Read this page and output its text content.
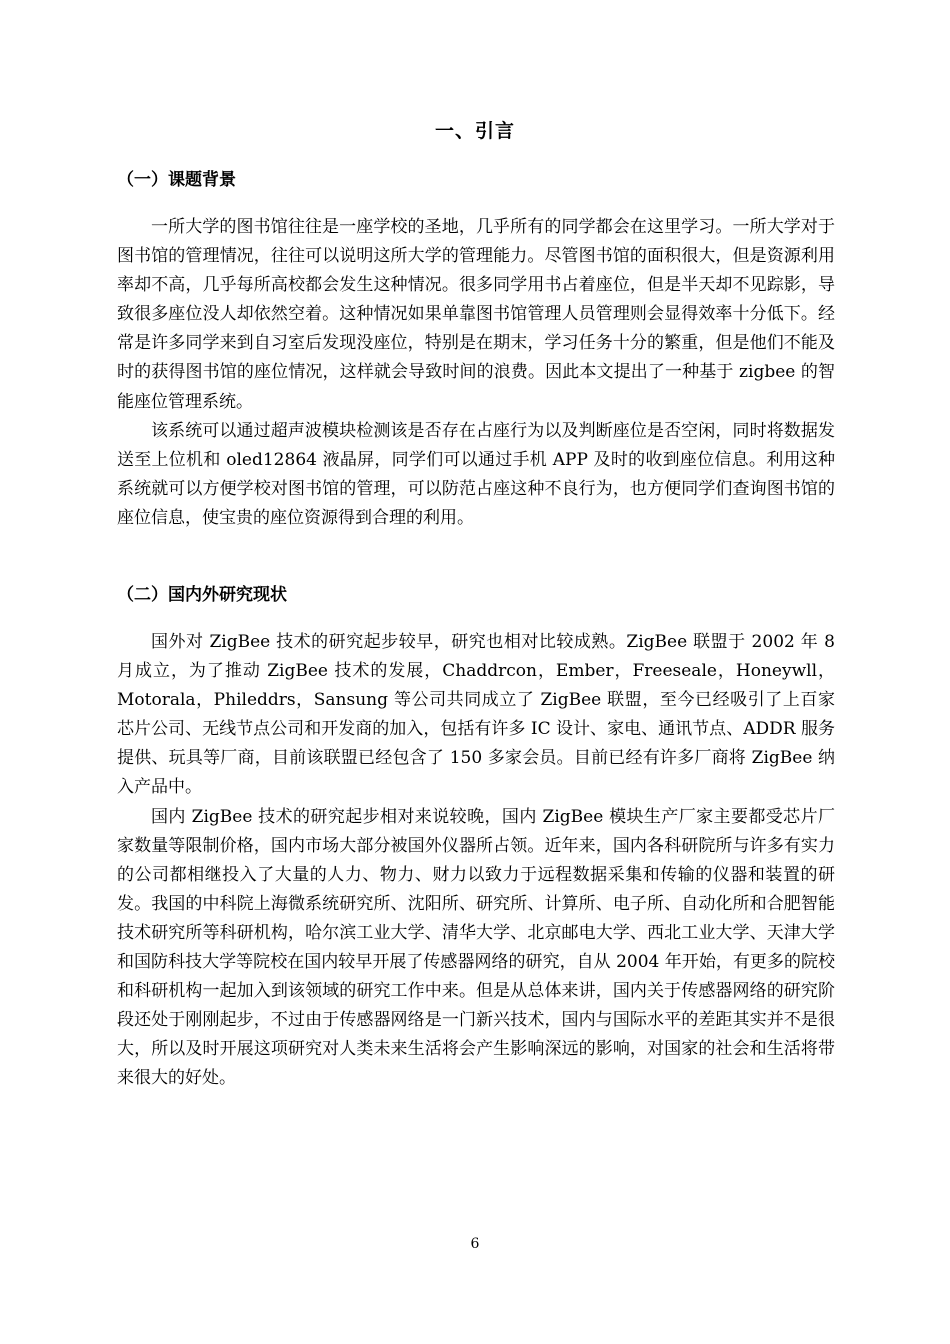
一、引言
（一）课题背景

一所大学的图书馆往往是一座学校的圣地，几乎所有的同学都会在这里学习。一所大学对于图书馆的管理情况，往往可以说明这所大学的管理能力。尽管图书馆的面积很大，但是资源利用率却不高，几乎每所高校都会发生这种情况。很多同学用书占着座位，但是半天却不见踪影，导致很多座位没人却依然空着。这种情况如果单靠图书馆管理人员管理则会显得效率十分低下。经常是许多同学来到自习室后发现没座位，特别是在期末，学习任务十分的繁重，但是他们不能及时的获得图书馆的座位情况，这样就会导致时间的浪费。因此本文提出了一种基于 zigbee 的智能座位管理系统。

该系统可以通过超声波模块检测该是否存在占座行为以及判断座位是否空闲，同时将数据发送至上位机和 oled12864 液晶屏，同学们可以通过手机 APP 及时的收到座位信息。利用这种系统就可以方便学校对图书馆的管理，可以防范占座这种不良行为，也方便同学们查询图书馆的座位信息，使宝贵的座位资源得到合理的利用。

（二）国内外研究现状

国外对 ZigBee 技术的研究起步较早，研究也相对比较成熟。ZigBee 联盟于 2002 年 8 月成立，为了推动 ZigBee 技术的发展，Chaddrcon，Ember，Freeseale，Honeywll，Motorala，Phileddrs，Sansung 等公司共同成立了 ZigBee 联盟，至今已经吸引了上百家芯片公司、无线节点公司和开发商的加入，包括有许多 IC 设计、家电、通讯节点、ADDR 服务提供、玩具等厂商，目前该联盟已经包含了 150 多家会员。目前已经有许多厂商将 ZigBee 纳入产品中。

国内 ZigBee 技术的研究起步相对来说较晚，国内 ZigBee 模块生产厂家主要都受芯片厂家数量等限制价格，国内市场大部分被国外仪器所占领。近年来，国内各科研院所与许多有实力的公司都相继投入了大量的人力、物力、财力以致力于远程数据采集和传输的仪器和装置的研发。我国的中科院上海微系统研究所、沈阳所、研究所、计算所、电子所、自动化所和合肥智能技术研究所等科研机构，哈尔滨工业大学、清华大学、北京邮电大学、西北工业大学、天津大学和国防科技大学等院校在国内较早开展了传感器网络的研究，自从 2004 年开始，有更多的院校和科研机构一起加入到该领域的研究工作中来。但是从总体来讲，国内关于传感器网络的研究阶段还处于刚刚起步，不过由于传感器网络是一门新兴技术，国内与国际水平的差距其实并不是很大，所以及时开展这项研究对人类未来生活将会产生影响深远的影响，对国家的社会和生活将带来很大的好处。

6
